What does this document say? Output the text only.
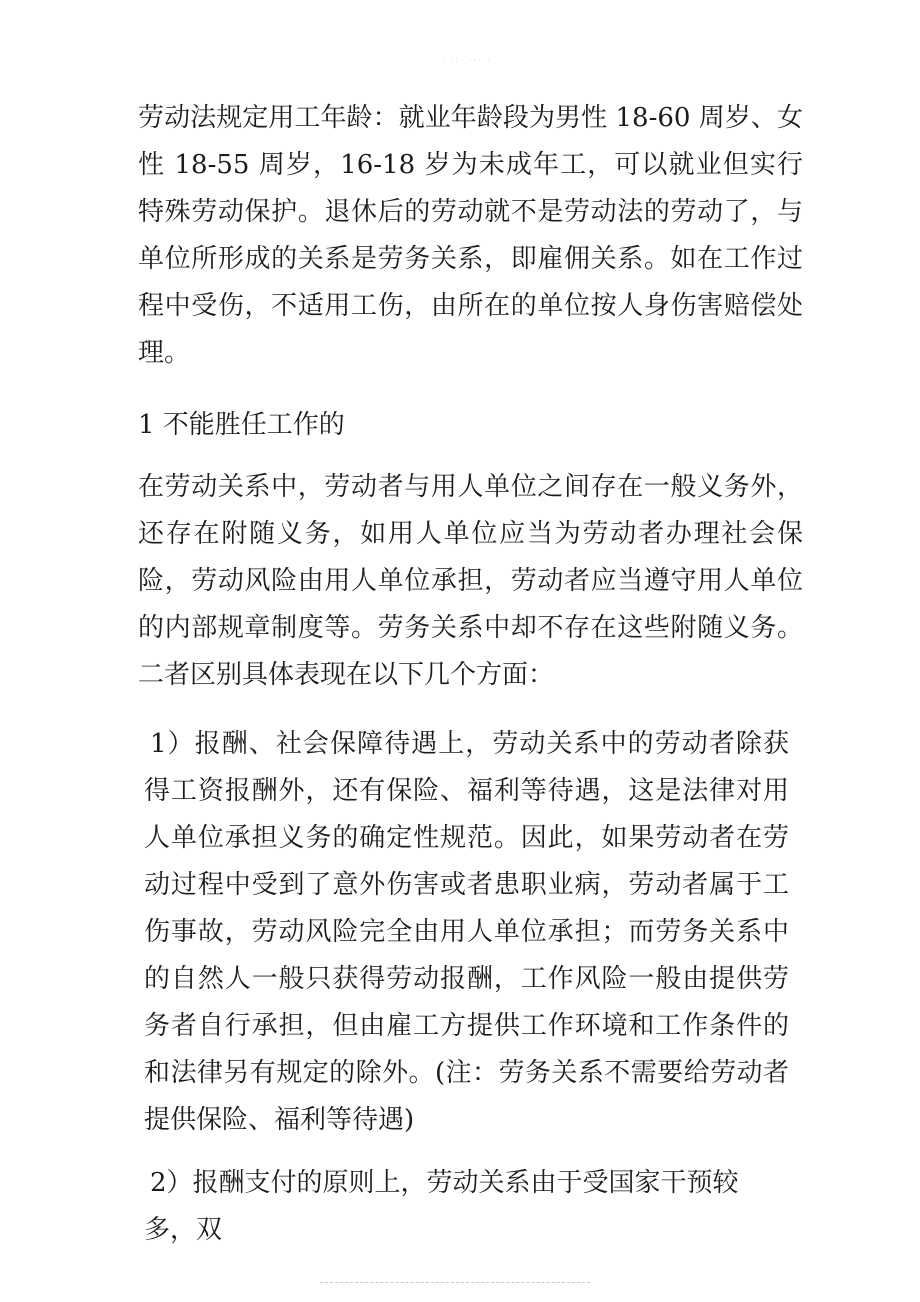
· ·∶· ··· ·

劳动法规定用工年龄：就业年龄段为男性 18-60 周岁、女性 18-55 周岁，16-18 岁为未成年工，可以就业但实行特殊劳动保护。退休后的劳动就不是劳动法的劳动了，与单位所形成的关系是劳务关系，即雇佣关系。如在工作过程中受伤，不适用工伤，由所在的单位按人身伤害赔偿处理。

1 不能胜任工作的

在劳动关系中，劳动者与用人单位之间存在一般义务外，还存在附随义务，如用人单位应当为劳动者办理社会保险，劳动风险由用人单位承担，劳动者应当遵守用人单位的内部规章制度等。劳务关系中却不存在这些附随义务。二者区别具体表现在以下几个方面：

1）报酬、社会保障待遇上，劳动关系中的劳动者除获得工资报酬外，还有保险、福利等待遇，这是法律对用人单位承担义务的确定性规范。因此，如果劳动者在劳动过程中受到了意外伤害或者患职业病，劳动者属于工伤事故，劳动风险完全由用人单位承担；而劳务关系中的自然人一般只获得劳动报酬，工作风险一般由提供劳务者自行承担，但由雇工方提供工作环境和工作条件的和法律另有规定的除外。(注：劳务关系不需要给劳动者提供保险、福利等待遇)

2）报酬支付的原则上，劳动关系由于受国家干预较多，双
